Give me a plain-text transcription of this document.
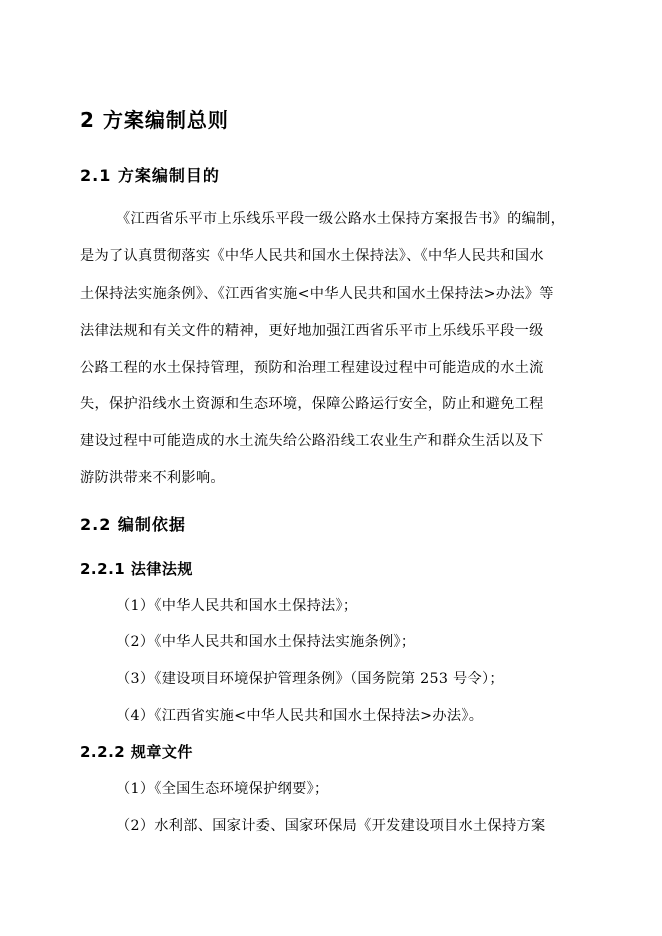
2 方案编制总则
2.1 方案编制目的
《江西省乐平市上乐线乐平段一级公路水土保持方案报告书》的编制，
是为了认真贯彻落实《中华人民共和国水土保持法》、《中华人民共和国水
土保持法实施条例》、《江西省实施<中华人民共和国水土保持法>办法》等
法律法规和有关文件的精神，更好地加强江西省乐平市上乐线乐平段一级
公路工程的水土保持管理，预防和治理工程建设过程中可能造成的水土流
失，保护沿线水土资源和生态环境，保障公路运行安全，防止和避免工程
建设过程中可能造成的水土流失给公路沿线工农业生产和群众生活以及下
游防洪带来不利影响。
2.2 编制依据
2.2.1 法律法规
（1）《中华人民共和国水土保持法》；
（2）《中华人民共和国水土保持法实施条例》；
（3）《建设项目环境保护管理条例》（国务院第 253 号令）；
（4）《江西省实施<中华人民共和国水土保持法>办法》。
2.2.2 规章文件
（1）《全国生态环境保护纲要》；
（2）水利部、国家计委、国家环保局《开发建设项目水土保持方案
